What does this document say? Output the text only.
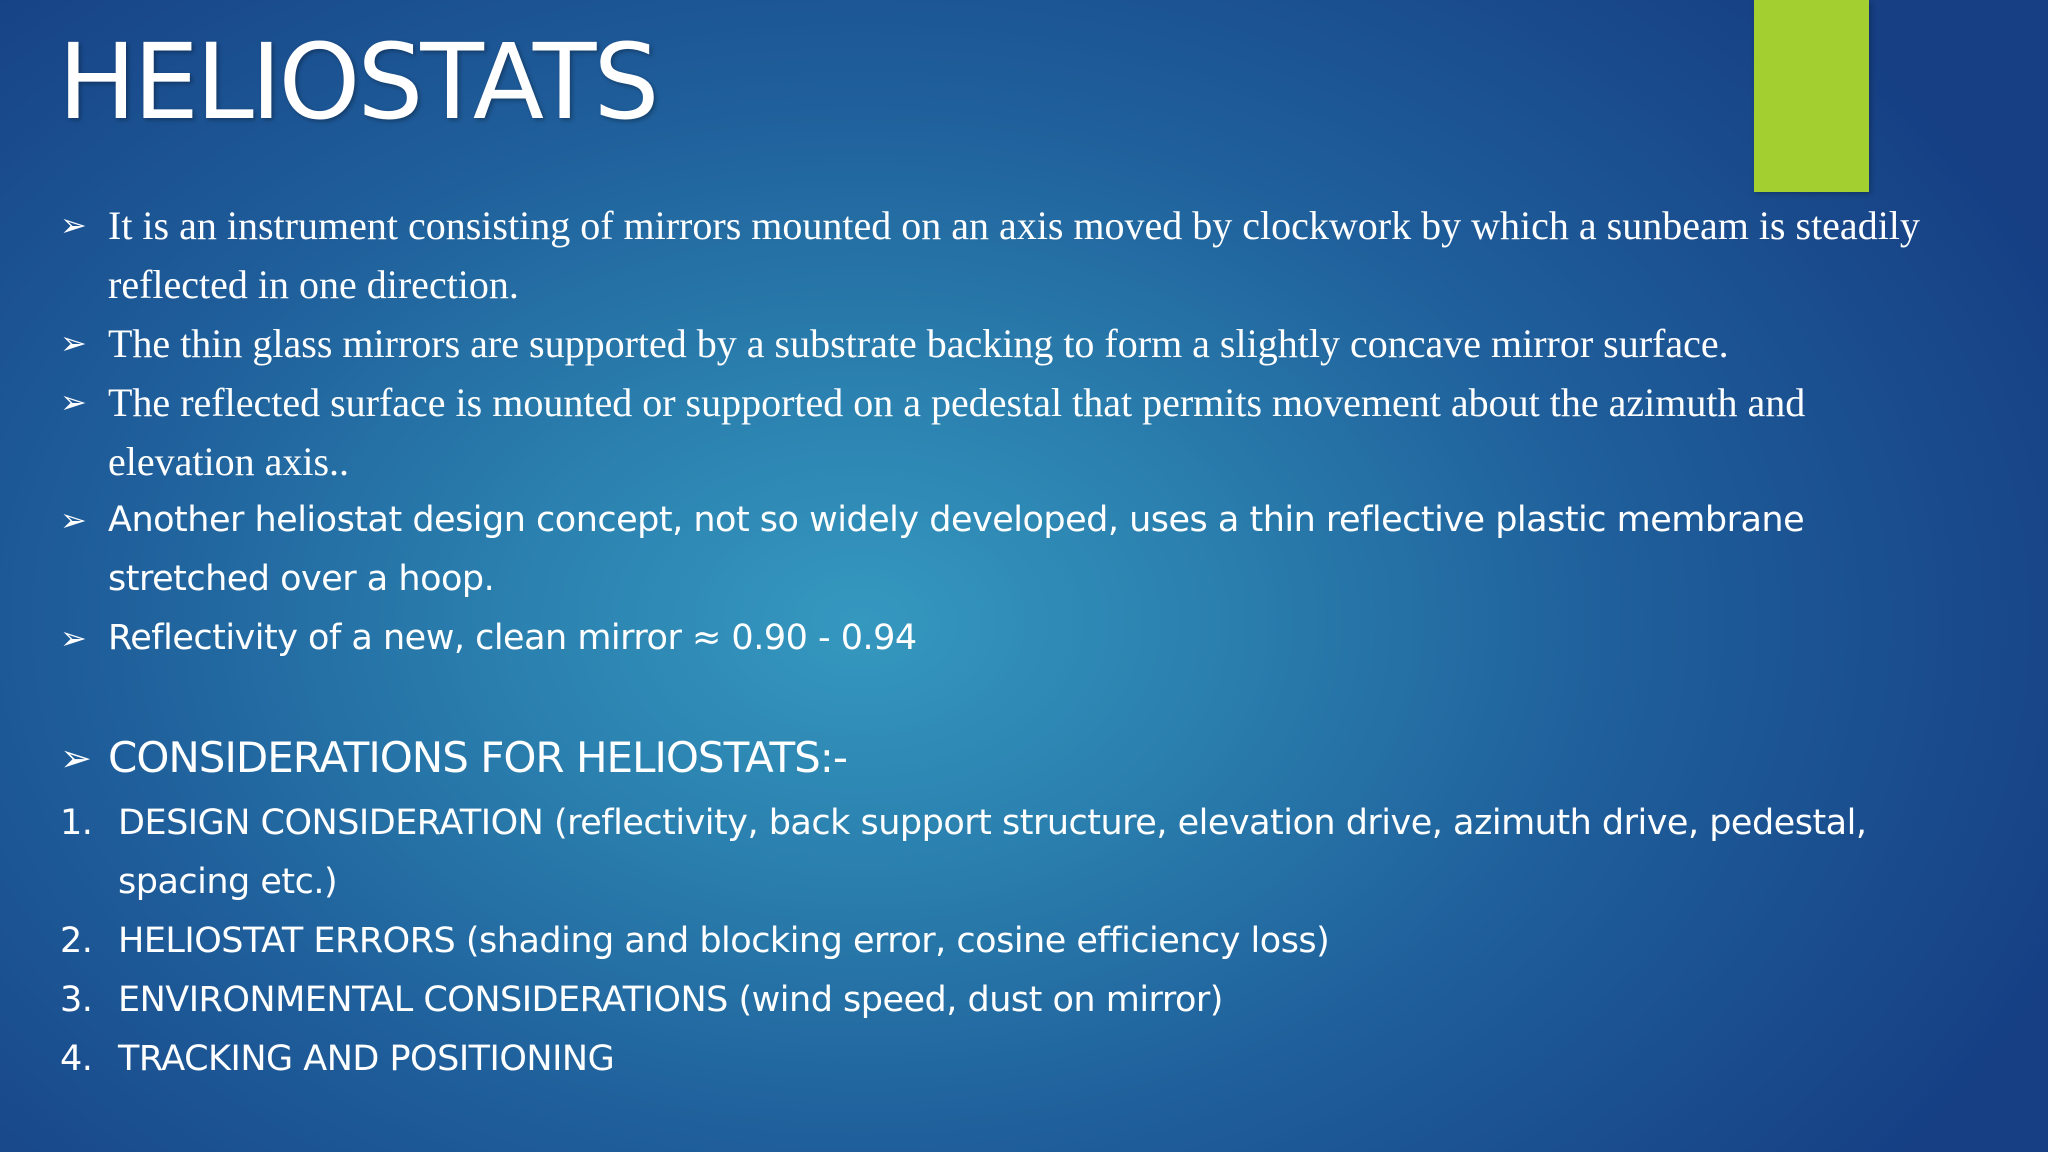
HELIOSTATS
➢ It is an instrument consisting of mirrors mounted on an axis moved by clockwork by which a sunbeam is steadily reflected in one direction.
➢ The thin glass mirrors are supported by a substrate backing to form a slightly concave mirror surface.
➢ The reflected surface is mounted or supported on a pedestal that permits movement about the azimuth and elevation axis..
➢ Another heliostat design concept, not so widely developed, uses a thin reflective plastic membrane stretched over a hoop.
➢ Reflectivity of a new, clean mirror ≈ 0.90 - 0.94
➢ CONSIDERATIONS FOR HELIOSTATS:-
1. DESIGN CONSIDERATION (reflectivity, back support structure, elevation drive, azimuth drive, pedestal, spacing etc.)
2. HELIOSTAT ERRORS (shading and blocking error, cosine efficiency loss)
3. ENVIRONMENTAL CONSIDERATIONS (wind speed, dust on mirror)
4. TRACKING AND POSITIONING
